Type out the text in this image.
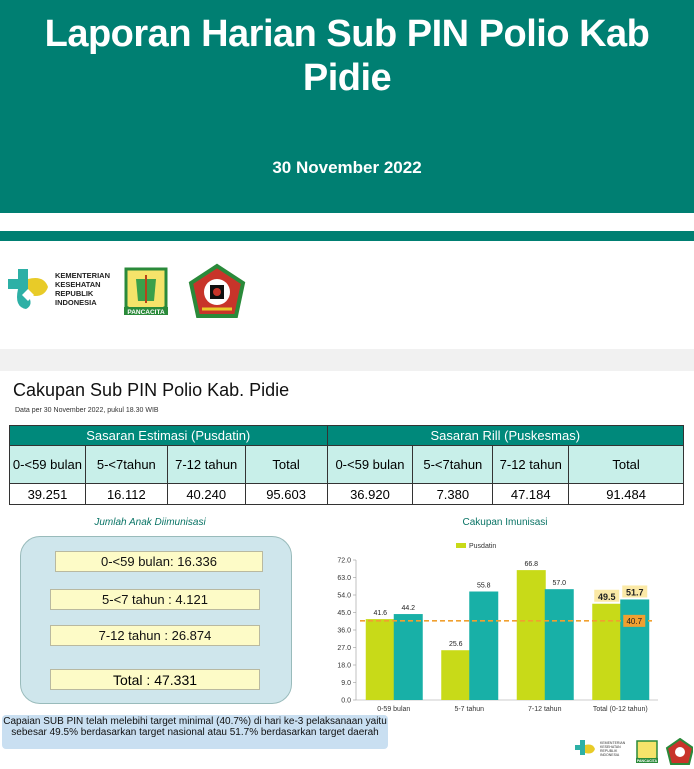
Laporan Harian Sub PIN Polio Kab Pidie
30 November 2022
KEMENTERIAN
KESEHATAN
REPUBLIK
INDONESIA
PANCACITA
Cakupan Sub PIN Polio Kab. Pidie
Data per 30 November 2022, pukul 18.30 WIB
Sasaran Estimasi (Pusdatin)				Sasaran Rill (Puskesmas)			
0-<59 bulan	5-<7tahun	7-12 tahun	Total	0-<59 bulan	5-<7tahun	7-12 tahun	Total
39.251	16.112	40.240	95.603	36.920	7.380	47.184	91.484
Jumlah Anak Diimunisasi
0-<59 bulan: 16.336
5-<7 tahun : 4.121
7-12 tahun : 26.874
Total : 47.331
Capaian SUB PIN telah melebihi target minimal (40.7%) di hari ke-3 pelaksanaan yaitu sebesar 49.5% berdasarkan target nasional atau 51.7% berdasarkan target daerah
Cakupan Imunisasi
0.0
9.0
18.0
27.0
36.0
45.0
54.0
63.0
72.0
Pusdatin
41.6
44.2
0-59 bulan
25.6
55.8
5-7 tahun
66.8
57.0
7-12 tahun
49.5 51.7
Total (0-12 tahun)
40.7
PANCACITA
KEMENTERIAN
KESEHATAN
REPUBLIK
INDONESIA
